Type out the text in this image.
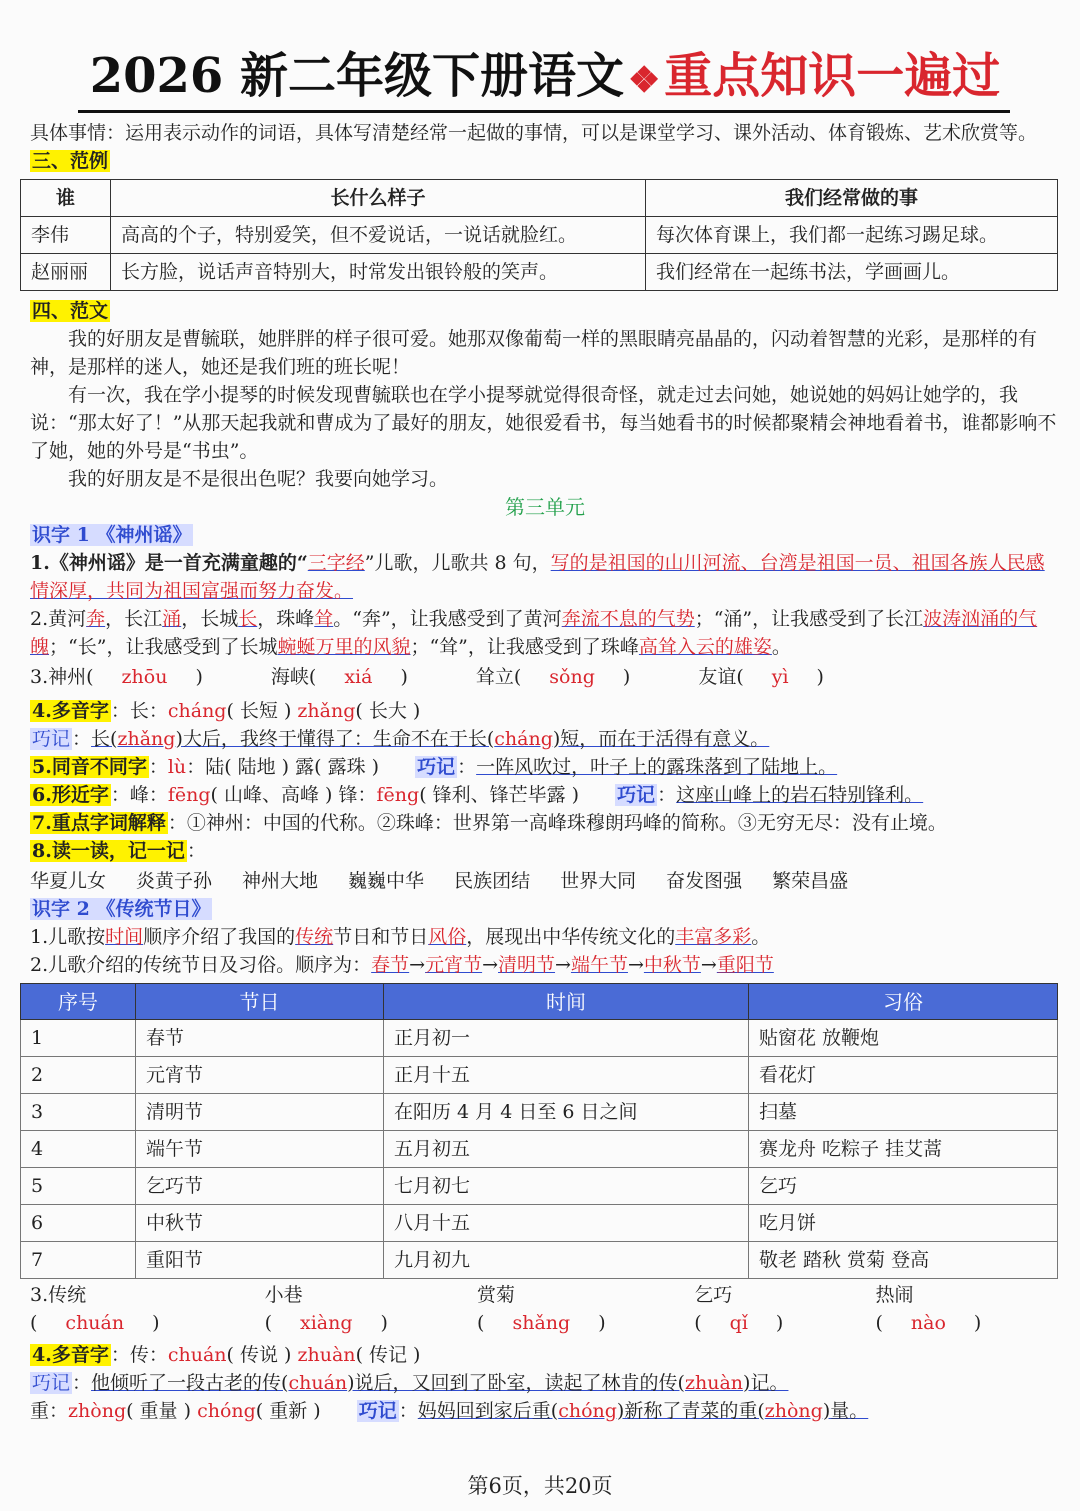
2026 新二年级下册语文 ❖重点知识一遍过
具体事情：运用表示动作的词语，具体写清楚经常一起做的事情，可以是课堂学习、课外活动、体育锻炼、艺术欣赏等。
三、范例
谁	长什么样子	我们经常做的事
李伟	高高的个子，特别爱笑，但不爱说话，一说话就脸红。	每次体育课上，我们都一起练习踢足球。
赵丽丽	长方脸，说话声音特别大，时常发出银铃般的笑声。	我们经常在一起练书法，学画画儿。
四、范文
我的好朋友是曹毓联，她胖胖的样子很可爱。她那双像葡萄一样的黑眼睛亮晶晶的，闪动着智慧的光彩，是那样的有神，是那样的迷人，她还是我们班的班长呢！
有一次，我在学小提琴的时候发现曹毓联也在学小提琴就觉得很奇怪，就走过去问她，她说她的妈妈让她学的，我说：“那太好了！”从那天起我就和曹成为了最好的朋友，她很爱看书，每当她看书的时候都聚精会神地看着书，谁都影响不了她，她的外号是“书虫”。
我的好朋友是不是很出色呢？我要向她学习。
第三单元
识字 1 《神州谣》
1.《神州谣》是一首充满童趣的“三字经”儿歌，儿歌共 8 句，写的是祖国的山川河流、台湾是祖国一员、祖国各族人民感情深厚，共同为祖国富强而努力奋发。
2.黄河奔，长江涌，长城长，珠峰耸。“奔”，让我感受到了黄河奔流不息的气势；“涌”，让我感受到了长江波涛汹涌的气魄；“长”，让我感受到了长城蜿蜒万里的风貌；“耸”，让我感受到了珠峰高耸入云的雄姿。
3.神州( zhōu )	海峡( xiá )	耸立( sǒng )	友谊( yì )
4.多音字 ：长：cháng( 长短 ) zhǎng( 长大 )
巧记 ：长(zhǎng)大后，我终于懂得了：生命不在于长(cháng)短，而在于活得有意义。
5.同音不同字 ：lù：陆( 陆地 ) 露( 露珠 ) 巧记 ：一阵风吹过，叶子上的露珠落到了陆地上。
6.形近字 ：峰：fēng( 山峰、高峰 ) 锋：fēng( 锋利、锋芒毕露 ) 巧记 ：这座山峰上的岩石特别锋利。
7.重点字词解释 ：①神州：中国的代称。②珠峰：世界第一高峰珠穆朗玛峰的简称。③无穷无尽：没有止境。
8.读一读，记一记 ：
华夏儿女 炎黄子孙 神州大地 巍巍中华 民族团结 世界大同 奋发图强 繁荣昌盛
识字 2 《传统节日》
1.儿歌按时间顺序介绍了我国的传统节日和节日风俗，展现出中华传统文化的丰富多彩。
2.儿歌介绍的传统节日及习俗。顺序为：春节→元宵节→清明节→端午节→中秋节→重阳节
序号	节日	时间	习俗
1	春节	正月初一	贴窗花 放鞭炮
2	元宵节	正月十五	看花灯
3	清明节	在阳历 4 月 4 日至 6 日之间	扫墓
4	端午节	五月初五	赛龙舟 吃粽子 挂艾蒿
5	乞巧节	七月初七	乞巧
6	中秋节	八月十五	吃月饼
7	重阳节	九月初九	敬老 踏秋 赏菊 登高
3.传统( chuán )
小巷( xiàng )
赏菊( shǎng )
乞巧( qǐ )
热闹( nào )
4.多音字 ：传：chuán( 传说 ) zhuàn( 传记 )
巧记 ：他倾听了一段古老的传(chuán)说后，又回到了卧室，读起了林肯的传(zhuàn)记。
重：zhòng( 重量 ) chóng( 重新 ) 巧记 ：妈妈回到家后重(chóng)新称了青菜的重(zhòng)量。
第6页，共20页
